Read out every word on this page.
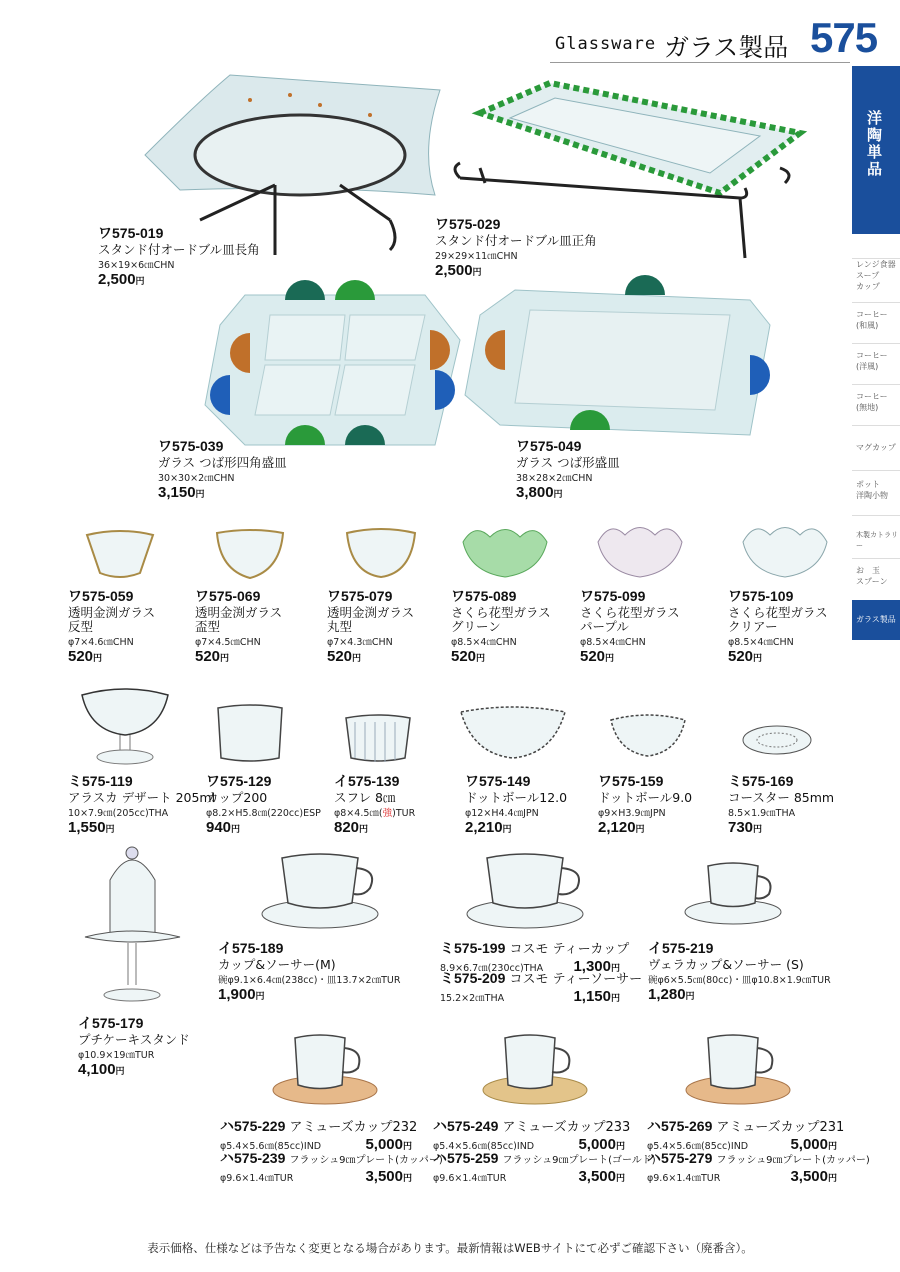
Glassware ガラス製品 575
洋陶単品
レンジ食器
スープ
カップ
コーヒー
(和風)
コーヒー
(洋風)
コーヒー
(無地)
マグカップ
ポット
洋陶小物
木製カトラリー
お　玉
スプーン
ガラス製品
ワ575-019
スタンド付オードブル皿長角
36×19×6㎝CHN
2,500円
ワ575-029
スタンド付オードブル皿正角
29×29×11㎝CHN
2,500円
ワ575-039
ガラス つば形四角盛皿
30×30×2㎝CHN
3,150円
ワ575-049
ガラス つば形盛皿
38×28×2㎝CHN
3,800円
ワ575-059
透明金渕ガラス
反型
φ7×4.6㎝CHN
520円
ワ575-069
透明金渕ガラス
盃型
φ7×4.5㎝CHN
520円
ワ575-079
透明金渕ガラス
丸型
φ7×4.3㎝CHN
520円
ワ575-089
さくら花型ガラス
グリーン
φ8.5×4㎝CHN
520円
ワ575-099
さくら花型ガラス
パープル
φ8.5×4㎝CHN
520円
ワ575-109
さくら花型ガラス
クリアー
φ8.5×4㎝CHN
520円
ミ575-119
アラスカ デザート 205ml
10×7.9㎝(205cc)THA
1,550円
ワ575-129
カップ200
φ8.2×H5.8㎝(220cc)ESP
940円
イ575-139
スフレ 8㎝
φ8×4.5㎝(強)TUR
820円
ワ575-149
ドットボール12.0
φ12×H4.4㎝JPN
2,210円
ワ575-159
ドットボール9.0
φ9×H3.9㎝JPN
2,120円
ミ575-169
コースター 85mm
8.5×1.9㎝THA
730円
イ575-179
プチケーキスタンド
φ10.9×19㎝TUR
4,100円
イ575-189
カップ&ソーサー(M)
碗φ9.1×6.4㎝(238cc)・皿13.7×2㎝TUR
1,900円
ミ575-199 コスモ ティーカップ
8.9×6.7㎝(230cc)THA 1,300円
ミ575-209 コスモ ティーソーサー
15.2×2㎝THA	1,150円
イ575-219
ヴェラカップ&ソーサー (S)
碗φ6×5.5㎝(80cc)・皿φ10.8×1.9㎝TUR
1,280円
ハ575-229 アミューズカップ232
φ5.4×5.6㎝(85cc)IND	5,000円
ハ575-239 フラッシュ9㎝プレート(カッパー)
φ9.6×1.4㎝TUR	3,500円
ハ575-249 アミューズカップ233
φ5.4×5.6㎝(85cc)IND	5,000円
ハ575-259 フラッシュ9㎝プレート(ゴールド)
φ9.6×1.4㎝TUR	3,500円
ハ575-269 アミューズカップ231
φ5.4×5.6㎝(85cc)IND	5,000円
ハ575-279 フラッシュ9㎝プレート(カッパー)
φ9.6×1.4㎝TUR	3,500円
表示価格、仕様などは予告なく変更となる場合があります。最新情報はWEBサイトにて必ずご確認下さい（廃番含）。
